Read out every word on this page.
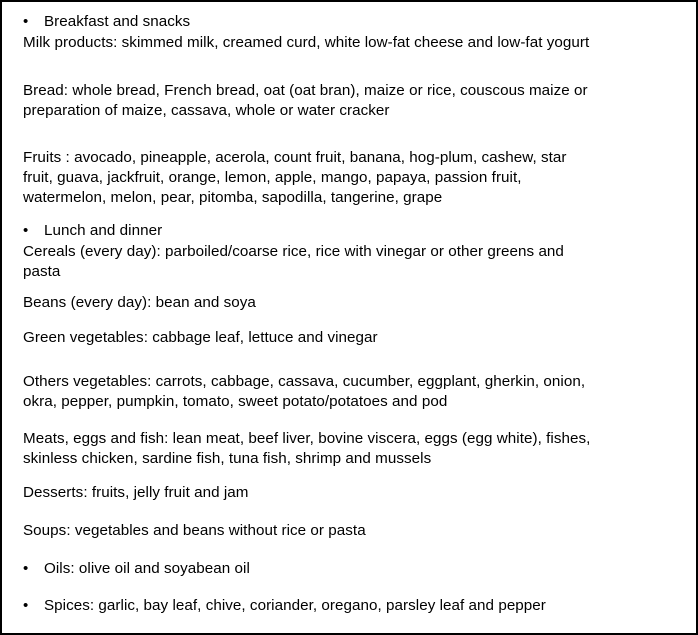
• Breakfast and snacks
Milk products: skimmed milk, creamed curd, white low-fat cheese and low-fat yogurt
Bread: whole bread, French bread, oat (oat bran), maize or rice, couscous maize or
preparation of maize, cassava, whole or water cracker
Fruits : avocado, pineapple, acerola, count fruit, banana, hog-plum, cashew, star
fruit, guava, jackfruit, orange, lemon, apple, mango, papaya, passion fruit,
watermelon, melon, pear, pitomba, sapodilla, tangerine, grape
• Lunch and dinner
Cereals (every day): parboiled/coarse rice, rice with vinegar or other greens and
pasta
Beans (every day): bean and soya
Green vegetables: cabbage leaf, lettuce and vinegar
Others vegetables: carrots, cabbage, cassava, cucumber, eggplant, gherkin, onion,
okra, pepper, pumpkin, tomato, sweet potato/potatoes and pod
Meats, eggs and fish: lean meat, beef liver, bovine viscera, eggs (egg white), fishes,
skinless chicken, sardine fish, tuna fish, shrimp and mussels
Desserts: fruits, jelly fruit and jam
Soups: vegetables and beans without rice or pasta
• Oils: olive oil and soyabean oil
• Spices: garlic, bay leaf, chive, coriander, oregano, parsley leaf and pepper
